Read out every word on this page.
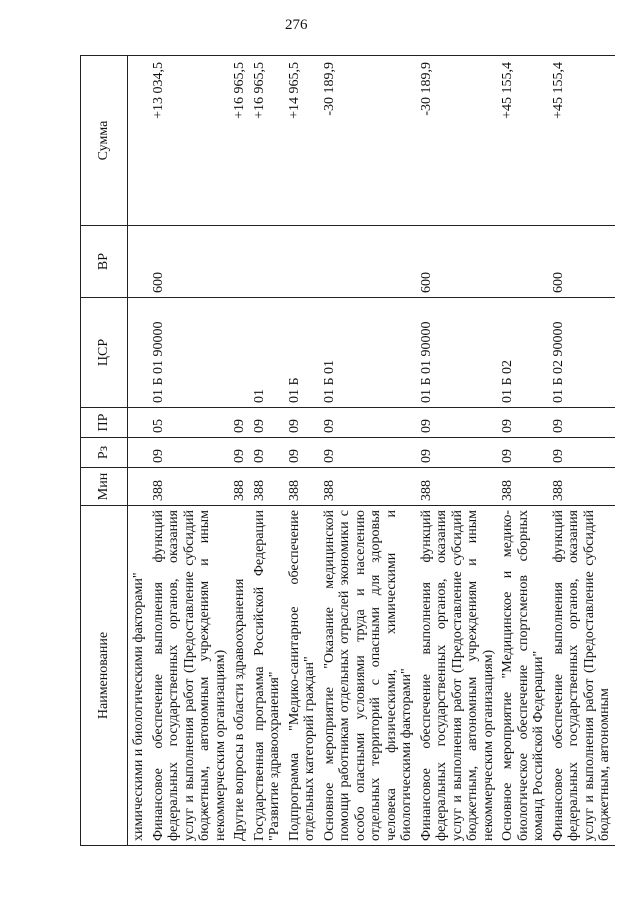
276
Наименование	Мин	Рз	ПР	ЦСР	ВР	Сумма
химическими и биологическими факторами"						
Финансовое обеспечение выполнения функций федеральных государственных органов, оказания услуг и выполнения работ (Предоставление субсидий бюджетным, автономным учреждениям и иным некоммерческим организациям)	388	09	05	01 Б 01 90000	600	+13 034,5
Другие вопросы в области здравоохранения	388	09	09			+16 965,5
Государственная программа Российской Федерации "Развитие здравоохранения"	388	09	09	01		+16 965,5
Подпрограмма "Медико-санитарное обеспечение отдельных категорий граждан"	388	09	09	01 Б		+14 965,5
Основное мероприятие "Оказание медицинской помощи работникам отдельных отраслей экономики с особо опасными условиями труда и населению отдельных территорий с опасными для здоровья человека физическими, химическими и биологическими факторами"	388	09	09	01 Б 01		-30 189,9
Финансовое обеспечение выполнения функций федеральных государственных органов, оказания услуг и выполнения работ (Предоставление субсидий бюджетным, автономным учреждениям и иным некоммерческим организациям)	388	09	09	01 Б 01 90000	600	-30 189,9
Основное мероприятие "Медицинское и медико-биологическое обеспечение спортсменов сборных команд Российской Федерации"	388	09	09	01 Б 02		+45 155,4
Финансовое обеспечение выполнения функций федеральных государственных органов, оказания услуг и выполнения работ (Предоставление субсидий бюджетным, автономным	388	09	09	01 Б 02 90000	600	+45 155,4
